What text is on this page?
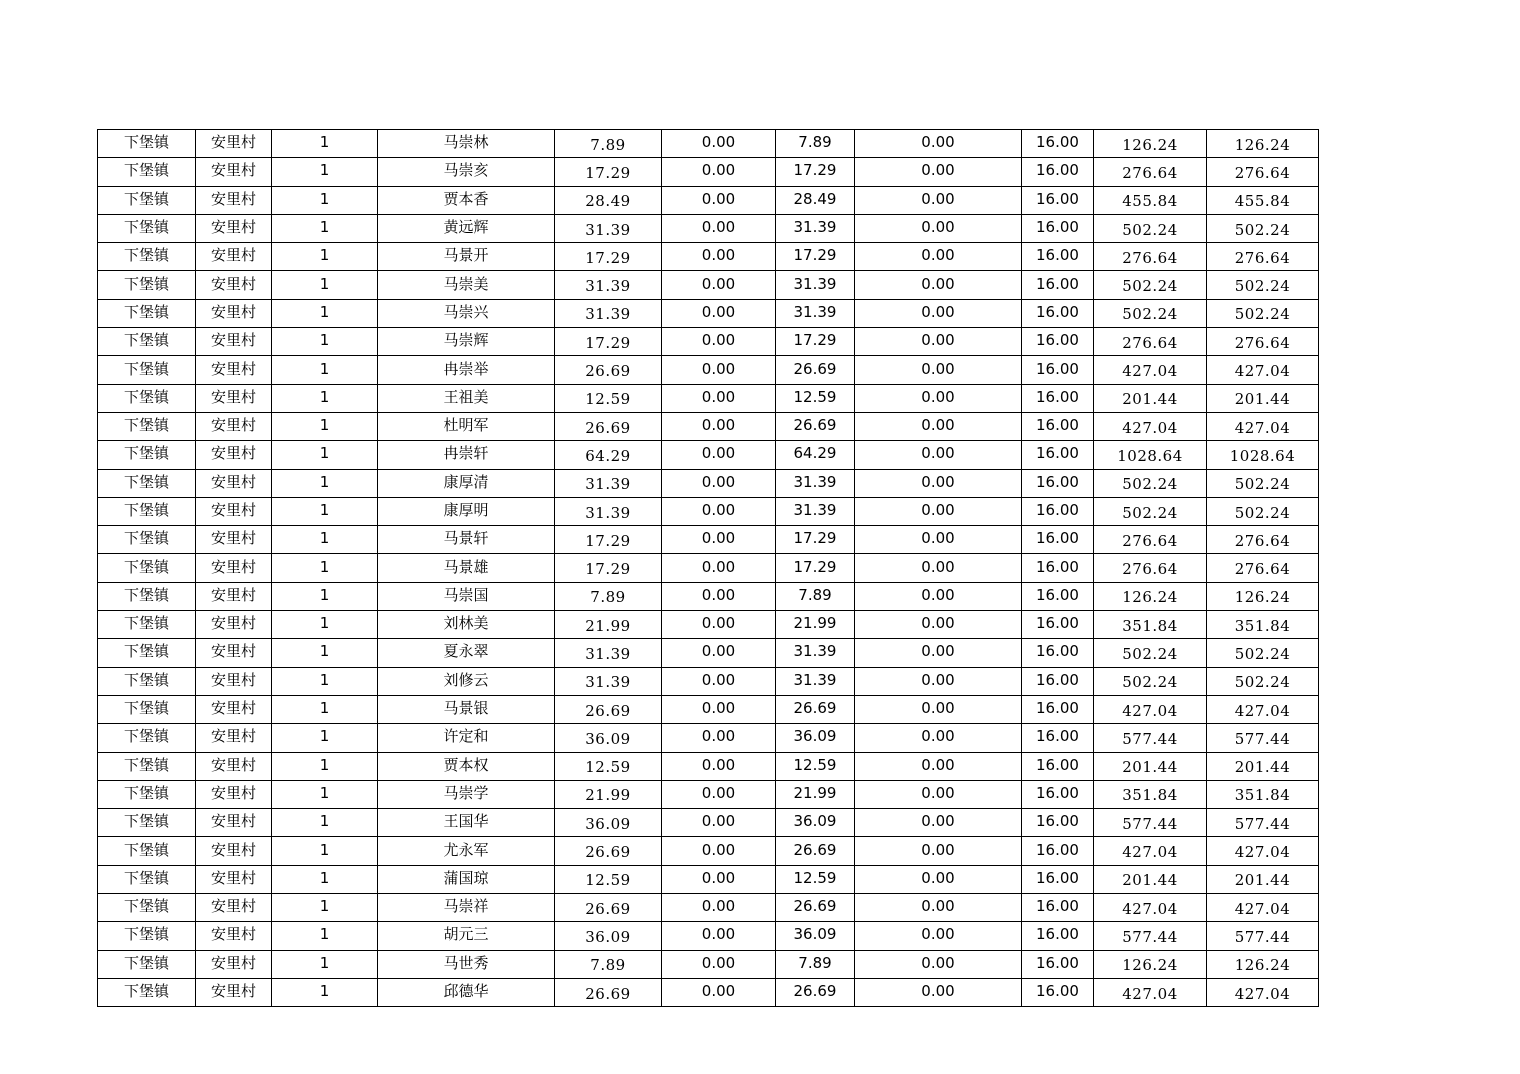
下堡镇	安里村	1	马崇林	7.89	0.00	7.89	0.00	16.00	126.24	126.24
下堡镇	安里村	1	马崇亥	17.29	0.00	17.29	0.00	16.00	276.64	276.64
下堡镇	安里村	1	贾本香	28.49	0.00	28.49	0.00	16.00	455.84	455.84
下堡镇	安里村	1	黄远辉	31.39	0.00	31.39	0.00	16.00	502.24	502.24
下堡镇	安里村	1	马景开	17.29	0.00	17.29	0.00	16.00	276.64	276.64
下堡镇	安里村	1	马崇美	31.39	0.00	31.39	0.00	16.00	502.24	502.24
下堡镇	安里村	1	马崇兴	31.39	0.00	31.39	0.00	16.00	502.24	502.24
下堡镇	安里村	1	马崇辉	17.29	0.00	17.29	0.00	16.00	276.64	276.64
下堡镇	安里村	1	冉崇举	26.69	0.00	26.69	0.00	16.00	427.04	427.04
下堡镇	安里村	1	王祖美	12.59	0.00	12.59	0.00	16.00	201.44	201.44
下堡镇	安里村	1	杜明军	26.69	0.00	26.69	0.00	16.00	427.04	427.04
下堡镇	安里村	1	冉崇轩	64.29	0.00	64.29	0.00	16.00	1028.64	1028.64
下堡镇	安里村	1	康厚清	31.39	0.00	31.39	0.00	16.00	502.24	502.24
下堡镇	安里村	1	康厚明	31.39	0.00	31.39	0.00	16.00	502.24	502.24
下堡镇	安里村	1	马景轩	17.29	0.00	17.29	0.00	16.00	276.64	276.64
下堡镇	安里村	1	马景雄	17.29	0.00	17.29	0.00	16.00	276.64	276.64
下堡镇	安里村	1	马崇国	7.89	0.00	7.89	0.00	16.00	126.24	126.24
下堡镇	安里村	1	刘林美	21.99	0.00	21.99	0.00	16.00	351.84	351.84
下堡镇	安里村	1	夏永翠	31.39	0.00	31.39	0.00	16.00	502.24	502.24
下堡镇	安里村	1	刘修云	31.39	0.00	31.39	0.00	16.00	502.24	502.24
下堡镇	安里村	1	马景银	26.69	0.00	26.69	0.00	16.00	427.04	427.04
下堡镇	安里村	1	许定和	36.09	0.00	36.09	0.00	16.00	577.44	577.44
下堡镇	安里村	1	贾本权	12.59	0.00	12.59	0.00	16.00	201.44	201.44
下堡镇	安里村	1	马崇学	21.99	0.00	21.99	0.00	16.00	351.84	351.84
下堡镇	安里村	1	王国华	36.09	0.00	36.09	0.00	16.00	577.44	577.44
下堡镇	安里村	1	尤永军	26.69	0.00	26.69	0.00	16.00	427.04	427.04
下堡镇	安里村	1	蒲国琼	12.59	0.00	12.59	0.00	16.00	201.44	201.44
下堡镇	安里村	1	马崇祥	26.69	0.00	26.69	0.00	16.00	427.04	427.04
下堡镇	安里村	1	胡元三	36.09	0.00	36.09	0.00	16.00	577.44	577.44
下堡镇	安里村	1	马世秀	7.89	0.00	7.89	0.00	16.00	126.24	126.24
下堡镇	安里村	1	邱德华	26.69	0.00	26.69	0.00	16.00	427.04	427.04
